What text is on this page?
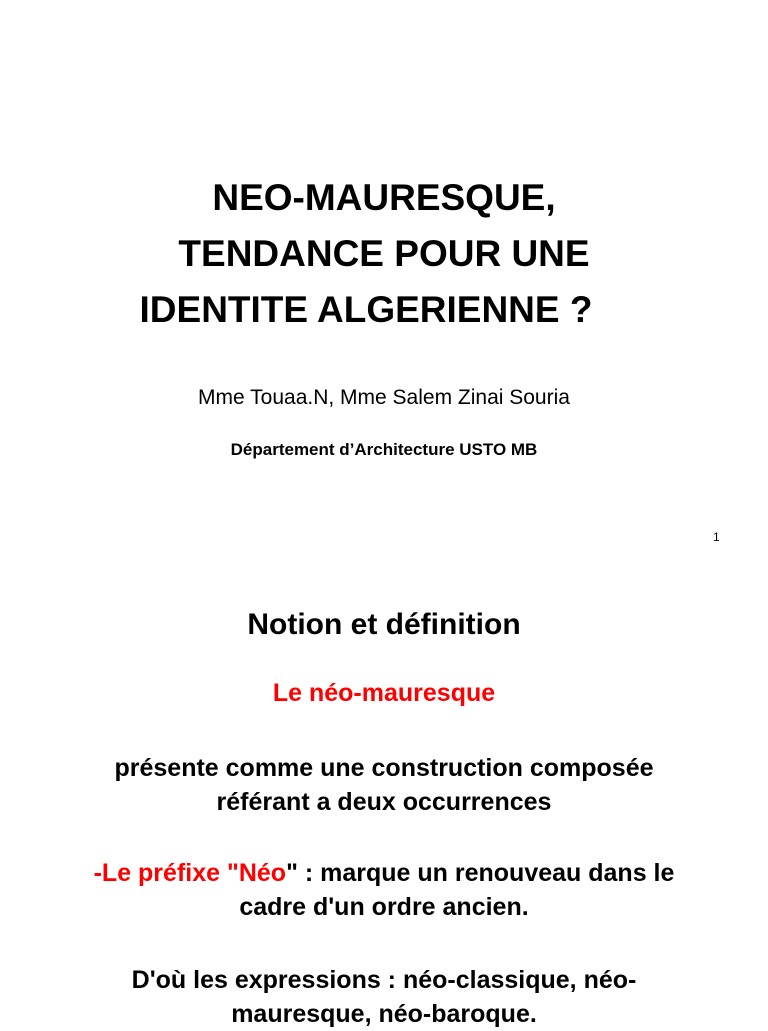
NEO-MAURESQUE,
TENDANCE POUR UNE
IDENTITE ALGERIENNE ?

Mme Touaa.N, Mme Salem Zinai Souria

Département d’Architecture USTO MB

1

Notion et définition

Le néo-mauresque

présente comme une construction composée
référant a deux occurrences

-Le préfixe "Néo" : marque un renouveau dans le
cadre d'un ordre ancien.

D'où les expressions : néo-classique, néo-
mauresque, néo-baroque.
